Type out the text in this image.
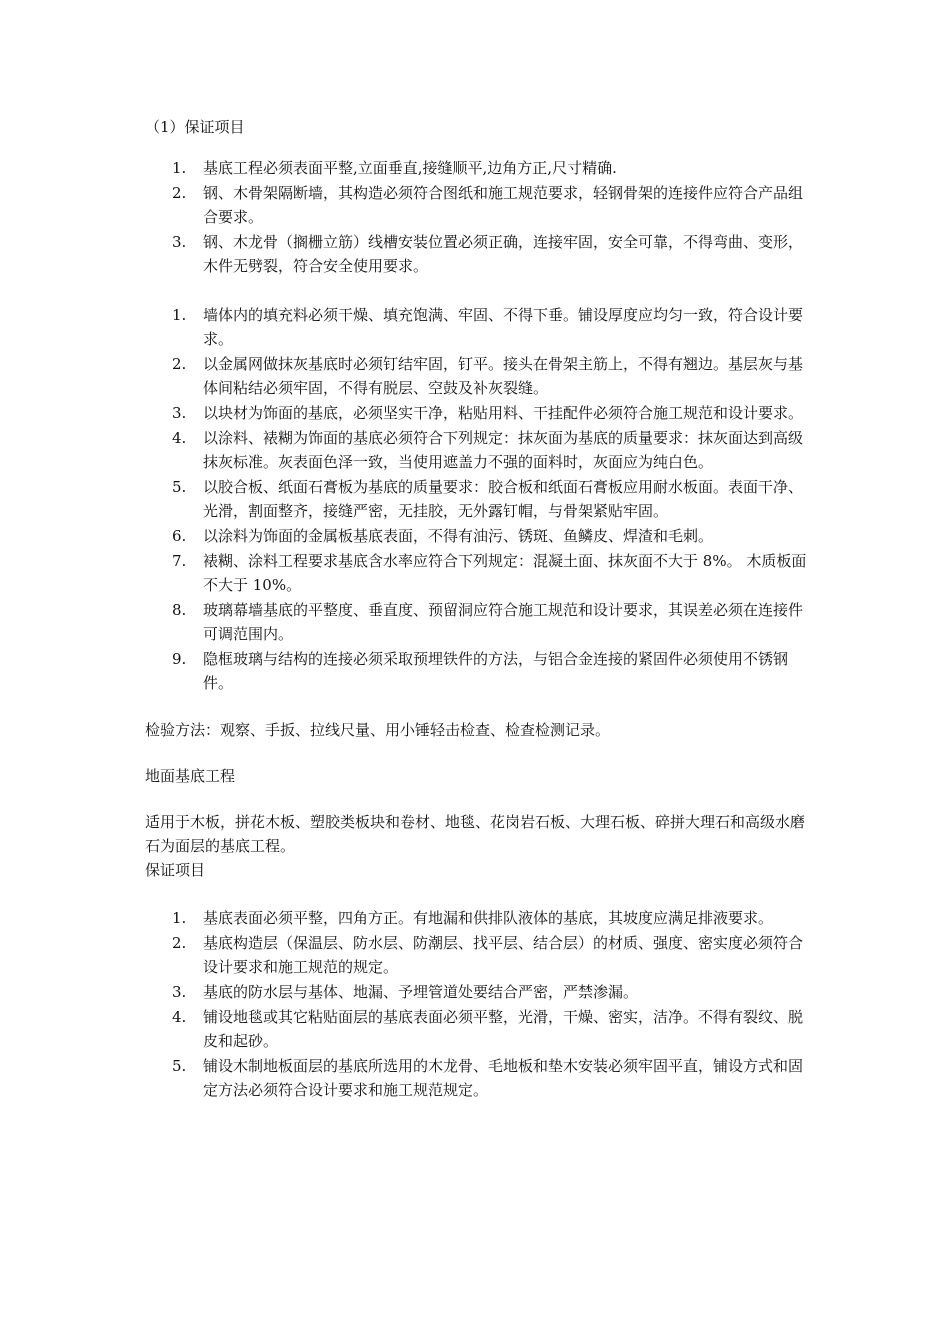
（1）保证项目

1.	基底工程必须表面平整,立面垂直,接缝顺平,边角方正,尺寸精确.
2.	钢、木骨架隔断墙，其构造必须符合图纸和施工规范要求，轻钢骨架的连接件应符合产品组合要求。
3.	钢、木龙骨（搁栅立筋）线槽安装位置必须正确，连接牢固，安全可靠，不得弯曲、变形，木件无劈裂，符合安全使用要求。
1.	墙体内的填充料必须干燥、填充饱满、牢固、不得下垂。铺设厚度应均匀一致，符合设计要求。
2.	以金属网做抹灰基底时必须钉结牢固，钉平。接头在骨架主筋上，不得有翘边。基层灰与基体间粘结必须牢固，不得有脱层、空鼓及补灰裂缝。
3.	以块材为饰面的基底，必须坚实干净，粘贴用料、干挂配件必须符合施工规范和设计要求。
4.	以涂料、裱糊为饰面的基底必须符合下列规定：抹灰面为基底的质量要求：抹灰面达到高级抹灰标准。灰表面色泽一致，当使用遮盖力不强的面料时，灰面应为纯白色。
5.	以胶合板、纸面石膏板为基底的质量要求：胶合板和纸面石膏板应用耐水板面。表面干净、光滑，割面整齐，接缝严密，无挂胶，无外露钉帽，与骨架紧贴牢固。
6.	以涂料为饰面的金属板基底表面，不得有油污、锈斑、鱼鳞皮、焊渣和毛刺。
7.	裱糊、涂料工程要求基底含水率应符合下列规定：混凝土面、抹灰面不大于 8%。 木质板面不大于 10%。
8.	玻璃幕墙基底的平整度、垂直度、预留洞应符合施工规范和设计要求，其误差必须在连接件可调范围内。
9.	隐框玻璃与结构的连接必须采取预埋铁件的方法，与铝合金连接的紧固件必须使用不锈钢件。

检验方法：观察、手扳、拉线尺量、用小锤轻击检查、检查检测记录。

地面基底工程

适用于木板，拼花木板、塑胶类板块和卷材、地毯、花岗岩石板、大理石板、碎拼大理石和高级水磨石为面层的基底工程。

保证项目

1.	基底表面必须平整，四角方正。有地漏和供排队液体的基底，其坡度应满足排液要求。
2.	基底构造层（保温层、防水层、防潮层、找平层、结合层）的材质、强度、密实度必须符合设计要求和施工规范的规定。
3.	基底的防水层与基体、地漏、予埋管道处要结合严密，严禁渗漏。
4.	铺设地毯或其它粘贴面层的基底表面必须平整，光滑，干燥、密实，洁净。不得有裂纹、脱皮和起砂。
5.	铺设木制地板面层的基底所选用的木龙骨、毛地板和垫木安装必须牢固平直，铺设方式和固定方法必须符合设计要求和施工规范规定。
